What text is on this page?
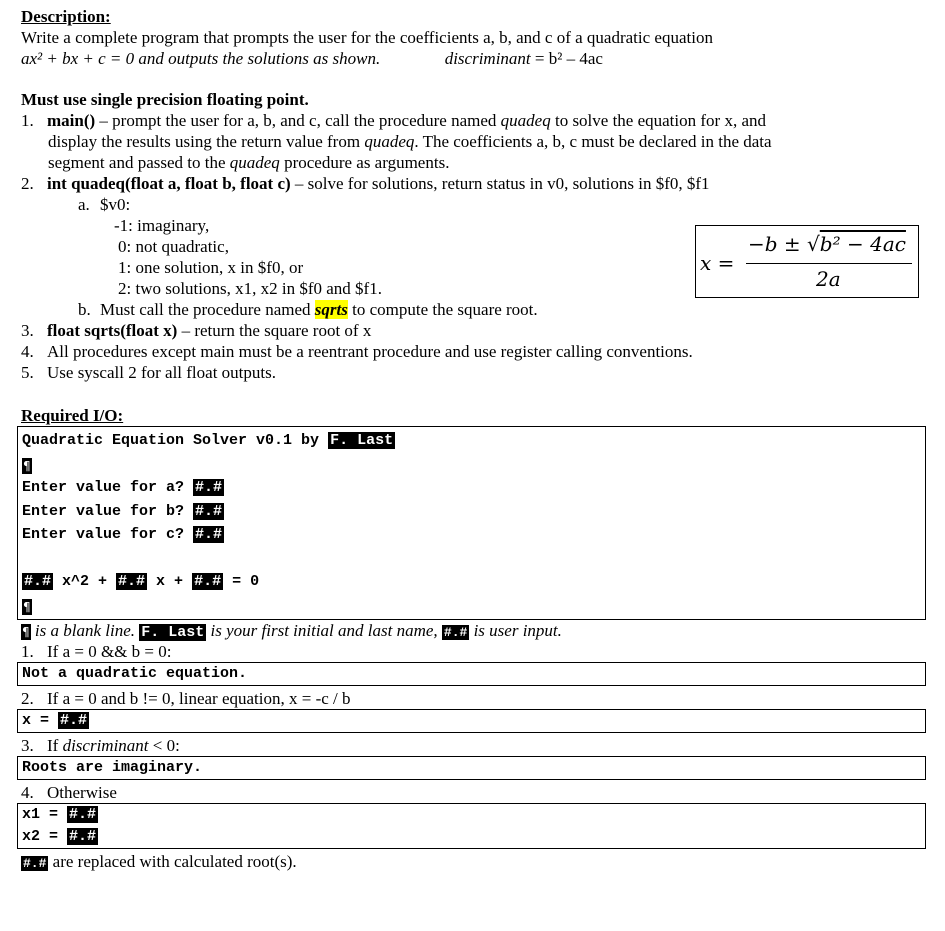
Description:
Write a complete program that prompts the user for the coefficients a, b, and c of a quadratic equation
ax² + bx + c = 0 and outputs the solutions as shown.	discriminant = b² – 4ac
Must use single precision floating point.
1. main() – prompt the user for a, b, and c, call the procedure named quadeq to solve the equation for x, and
display the results using the return value from quadeq. The coefficients a, b, c must be declared in the data
segment and passed to the quadeq procedure as arguments.
2. int quadeq(float a, float b, float c) – solve for solutions, return status in v0, solutions in $f0, $f1
a. $v0:
-1: imaginary,
0: not quadratic,
1: one solution, x in $f0, or
2: two solutions, x1, x2 in $f0 and $f1.
b. Must call the procedure named sqrts to compute the square root.
3. float sqrts(float x) – return the square root of x
4. All procedures except main must be a reentrant procedure and use register calling conventions.
5. Use syscall 2 for all float outputs.
Required I/O:
Quadratic Equation Solver v0.1 by F. Last
¶
Enter value for a? #.#
Enter value for b? #.#
Enter value for c? #.#
#.# x^2 + #.# x + #.# = 0
¶
¶ is a blank line. F. Last is your first initial and last name, #.# is user input.
1. If a = 0 && b = 0:
Not a quadratic equation.
2. If a = 0 and b != 0, linear equation, x = -c / b
x = #.#
3. If discriminant < 0:
Roots are imaginary.
4. Otherwise
x1 = #.#
x2 = #.#
#.# are replaced with calculated root(s).
x =
−b ± √b² − 4ac
2a
